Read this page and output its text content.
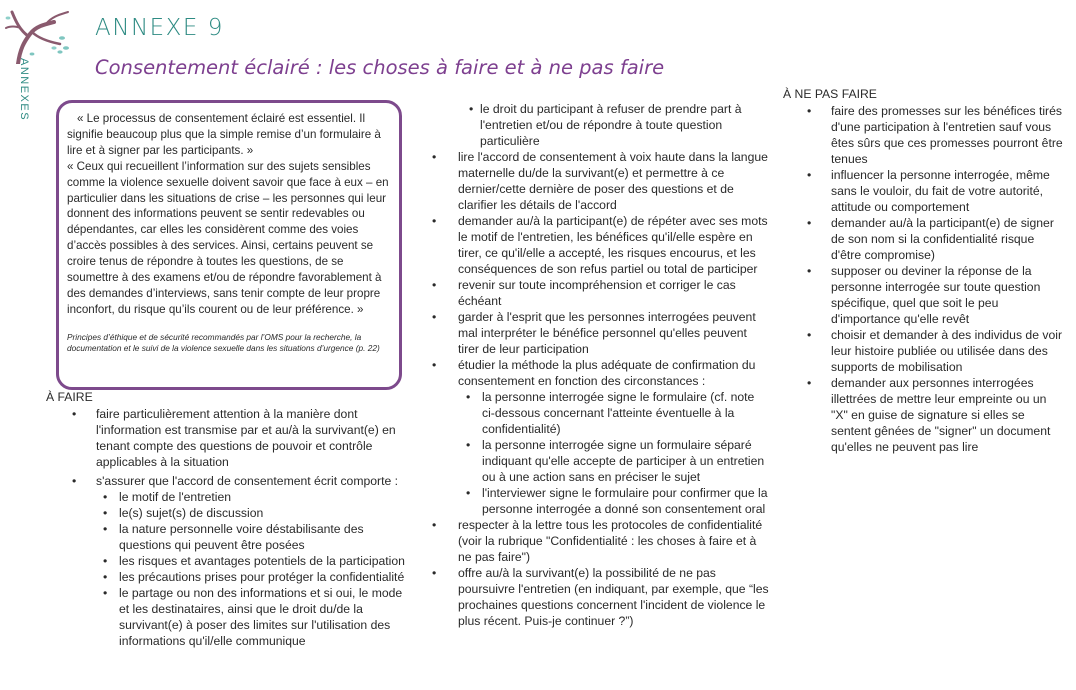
ANNEXES
ANNEXE 9
Consentement éclairé : les choses à faire et à ne pas faire

« Le processus de consentement éclairé est essentiel. Il signifie beaucoup plus que la simple remise d’un formulaire à lire et à signer par les participants. »

« Ceux qui recueillent l’information sur des sujets sensibles comme la violence sexuelle doivent savoir que face à eux – en particulier dans les situations de crise – les personnes qui leur donnent des informations peuvent se sentir redevables ou dépendantes, car elles les considèrent comme des voies d’accès possibles à des services. Ainsi, certains peuvent se croire tenus de répondre à toutes les questions, de se soumettre à des examens et/ou de répondre favorablement à des demandes d’interviews, sans tenir compte de leur propre inconfort, du risque qu’ils courent ou de leur préférence. »

Principes d’éthique et de sécurité recommandés par l’OMS pour la recherche, la documentation et le suivi de la violence sexuelle dans les situations d’urgence (p. 22)

À FAIRE
• faire particulièrement attention à la manière dont l'information est transmise par et au/à la survivant(e) en tenant compte des questions de pouvoir et contrôle applicables à la situation
• s'assurer que l'accord de consentement écrit comporte :
• le motif de l'entretien
• le(s) sujet(s) de discussion
• la nature personnelle voire déstabilisante des questions qui peuvent être posées
• les risques et avantages potentiels de la participation
• les précautions prises pour protéger la confidentialité
• le partage ou non des informations et si oui, le mode et les destinataires, ainsi que le droit du/de la survivant(e) à poser des limites sur l'utilisation des informations qu'il/elle communique
• le droit du participant à refuser de prendre part à l'entretien et/ou de répondre à toute question particulière
• lire l'accord de consentement à voix haute dans la langue maternelle du/de la survivant(e) et permettre à ce dernier/cette dernière de poser des questions et de clarifier les détails de l'accord
• demander au/à la participant(e) de répéter avec ses mots le motif de l'entretien, les bénéfices qu'il/elle espère en tirer, ce qu'il/elle a accepté, les risques encourus, et les conséquences de son refus partiel ou total de participer
• revenir sur toute incompréhension et corriger le cas échéant
• garder à l'esprit que les personnes interrogées peuvent mal interpréter le bénéfice personnel qu'elles peuvent tirer de leur participation
• étudier la méthode la plus adéquate de confirmation du consentement en fonction des circonstances :
• la personne interrogée signe le formulaire (cf. note ci-dessous concernant l'atteinte éventuelle à la confidentialité)
• la personne interrogée signe un formulaire séparé indiquant qu'elle accepte de participer à un entretien ou à une action sans en préciser le sujet
• l'interviewer signe le formulaire pour confirmer que la personne interrogée a donné son consentement oral
• respecter à la lettre tous les protocoles de confidentialité (voir la rubrique "Confidentialité : les choses à faire et à ne pas faire")
• offre au/à la survivant(e) la possibilité de ne pas poursuivre l'entretien (en indiquant, par exemple, que “les prochaines questions concernent l'incident de violence le plus récent. Puis-je continuer ?”)
À NE PAS FAIRE
• faire des promesses sur les bénéfices tirés d'une participation à l'entretien sauf vous êtes sûrs que ces promesses pourront être tenues
• influencer la personne interrogée, même sans le vouloir, du fait de votre autorité, attitude ou comportement
• demander au/à la participant(e) de signer de son nom si la confidentialité risque d'être compromise)
• supposer ou deviner la réponse de la personne interrogée sur toute question spécifique, quel que soit le peu d'importance qu'elle revêt
• choisir et demander à des individus de voir leur histoire publiée ou utilisée dans des supports de mobilisation
• demander aux personnes interrogées illettrées de mettre leur empreinte ou un "X" en guise de signature si elles se sentent gênées de "signer" un document qu'elles ne peuvent pas lire
